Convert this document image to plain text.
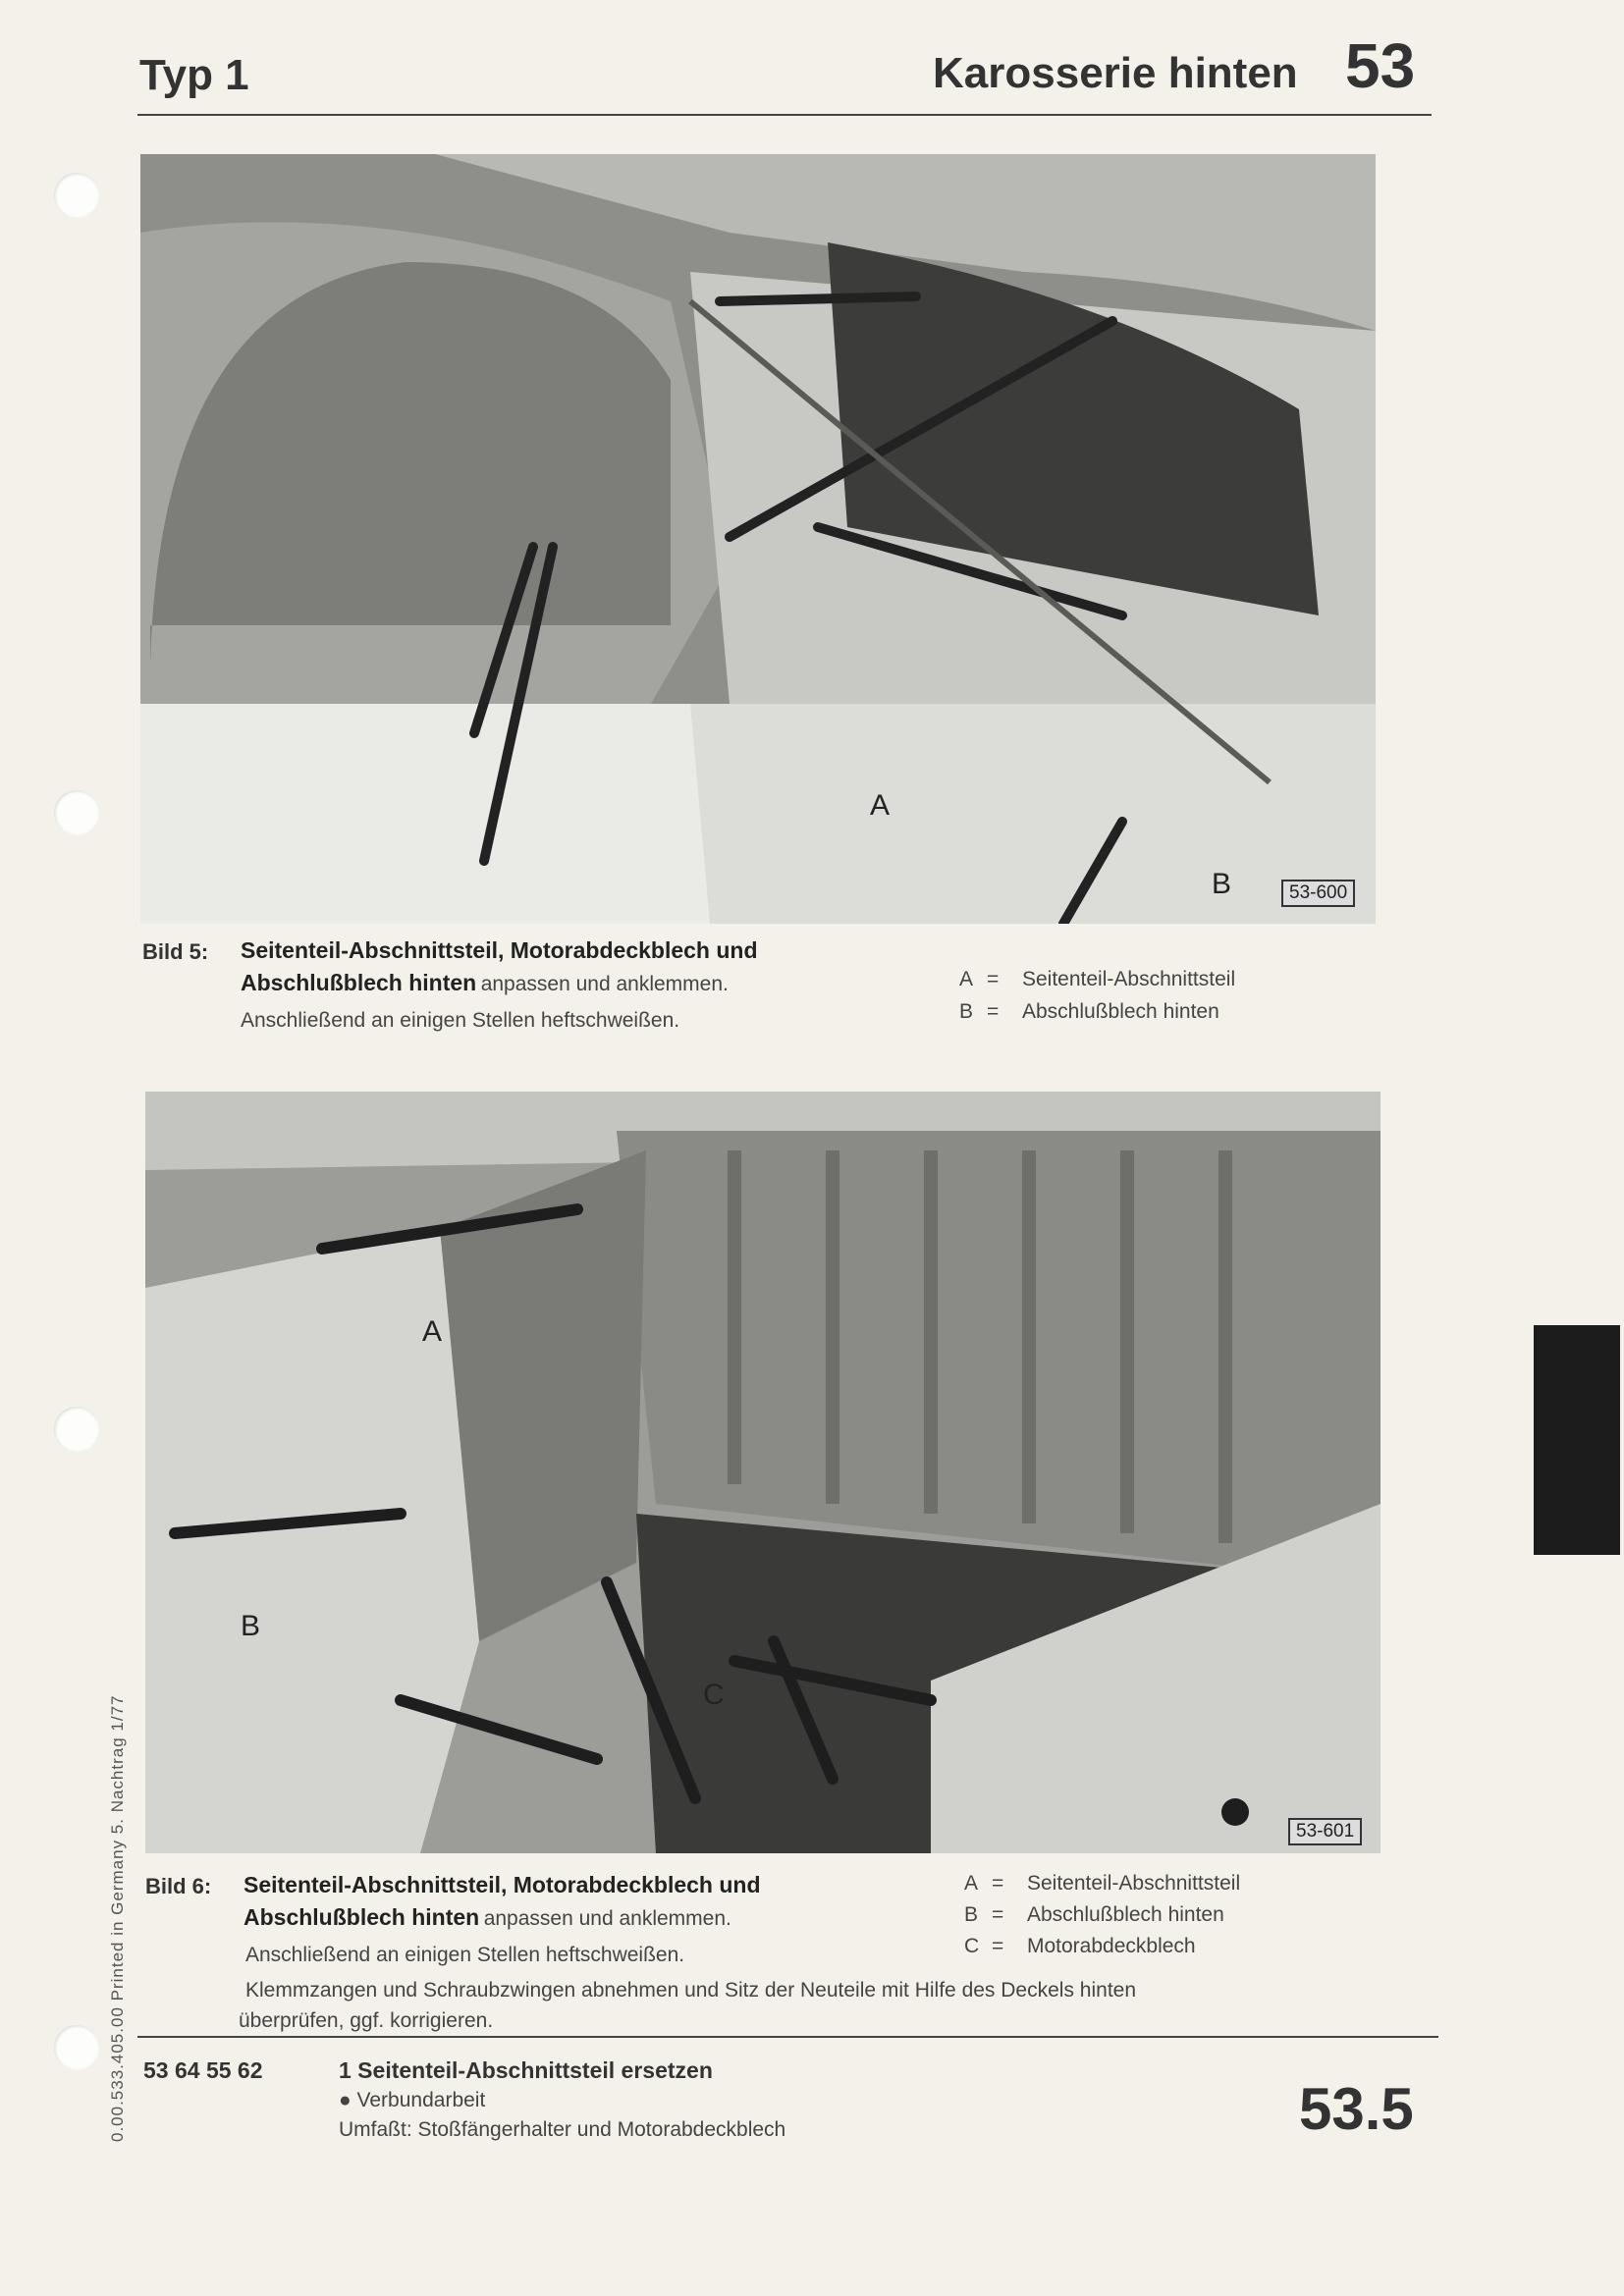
Typ 1	Karosserie hinten 53
A
B	53-600
Bild 5: Seitenteil-Abschnittsteil, Motorabdeckblech und
Abschlußblech hinten anpassen und anklemmen.
Anschließend an einigen Stellen heftschweißen.
A = Seitenteil-Abschnittsteil
B = Abschlußblech hinten
A
B
C
53-601
Bild 6: Seitenteil-Abschnittsteil, Motorabdeckblech und
Abschlußblech hinten anpassen und anklemmen.
Anschließend an einigen Stellen heftschweißen.
Klemmzangen und Schraubzwingen abnehmen und Sitz der Neuteile mit Hilfe des Deckels hinten
überprüfen, ggf. korrigieren.
A = Seitenteil-Abschnittsteil
B = Abschlußblech hinten
C = Motorabdeckblech
53 64 55 62	1 Seitenteil-Abschnittsteil ersetzen
● Verbundarbeit
Umfaßt: Stoßfängerhalter und Motorabdeckblech	53.5
0.00.533.405.00 Printed in Germany 5. Nachtrag 1/77
